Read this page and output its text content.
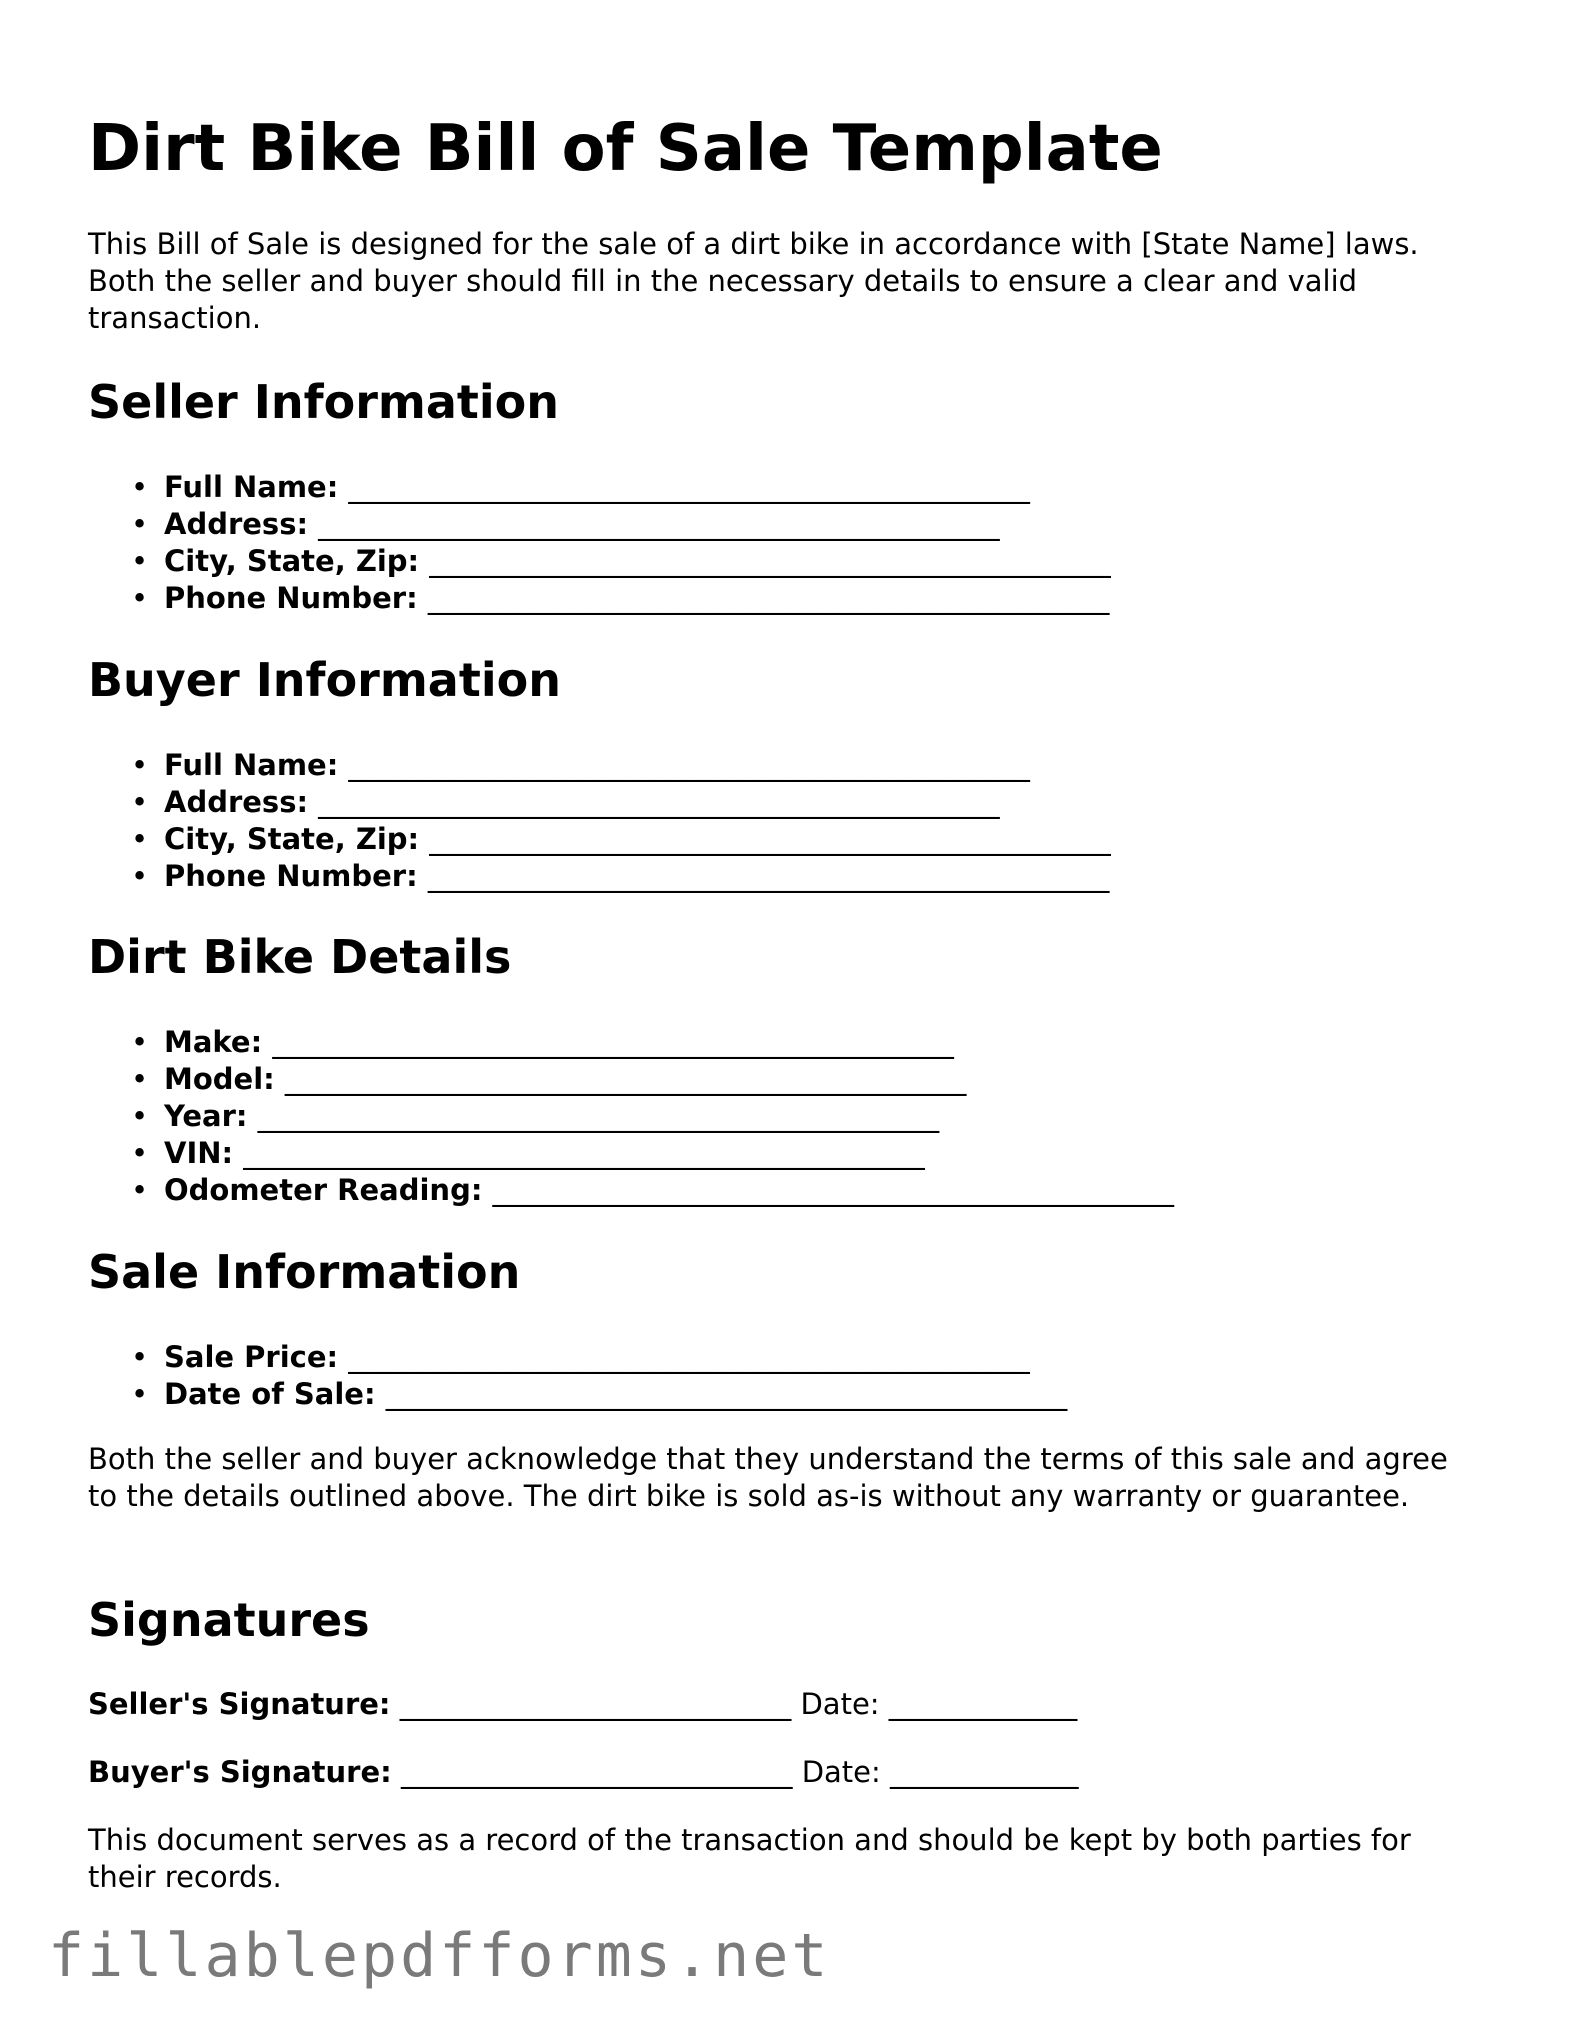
Dirt Bike Bill of Sale Template

This Bill of Sale is designed for the sale of a dirt bike in accordance with [State Name] laws. Both the seller and buyer should fill in the necessary details to ensure a clear and valid transaction.

Seller Information
• Full Name: _______________________________________________
• Address: _______________________________________________
• City, State, Zip: _______________________________________________
• Phone Number: _______________________________________________
Buyer Information
• Full Name: _______________________________________________
• Address: _______________________________________________
• City, State, Zip: _______________________________________________
• Phone Number: _______________________________________________
Dirt Bike Details
• Make: _______________________________________________
• Model: _______________________________________________
• Year: _______________________________________________
• VIN: _______________________________________________
• Odometer Reading: _______________________________________________
Sale Information
• Sale Price: _______________________________________________
• Date of Sale: _______________________________________________

Both the seller and buyer acknowledge that they understand the terms of this sale and agree to the details outlined above. The dirt bike is sold as-is without any warranty or guarantee.

Signatures
Seller's Signature: ___________________________ Date: _____________
Buyer's Signature: ___________________________ Date: _____________

This document serves as a record of the transaction and should be kept by both parties for their records.

fillablepdfforms.net
